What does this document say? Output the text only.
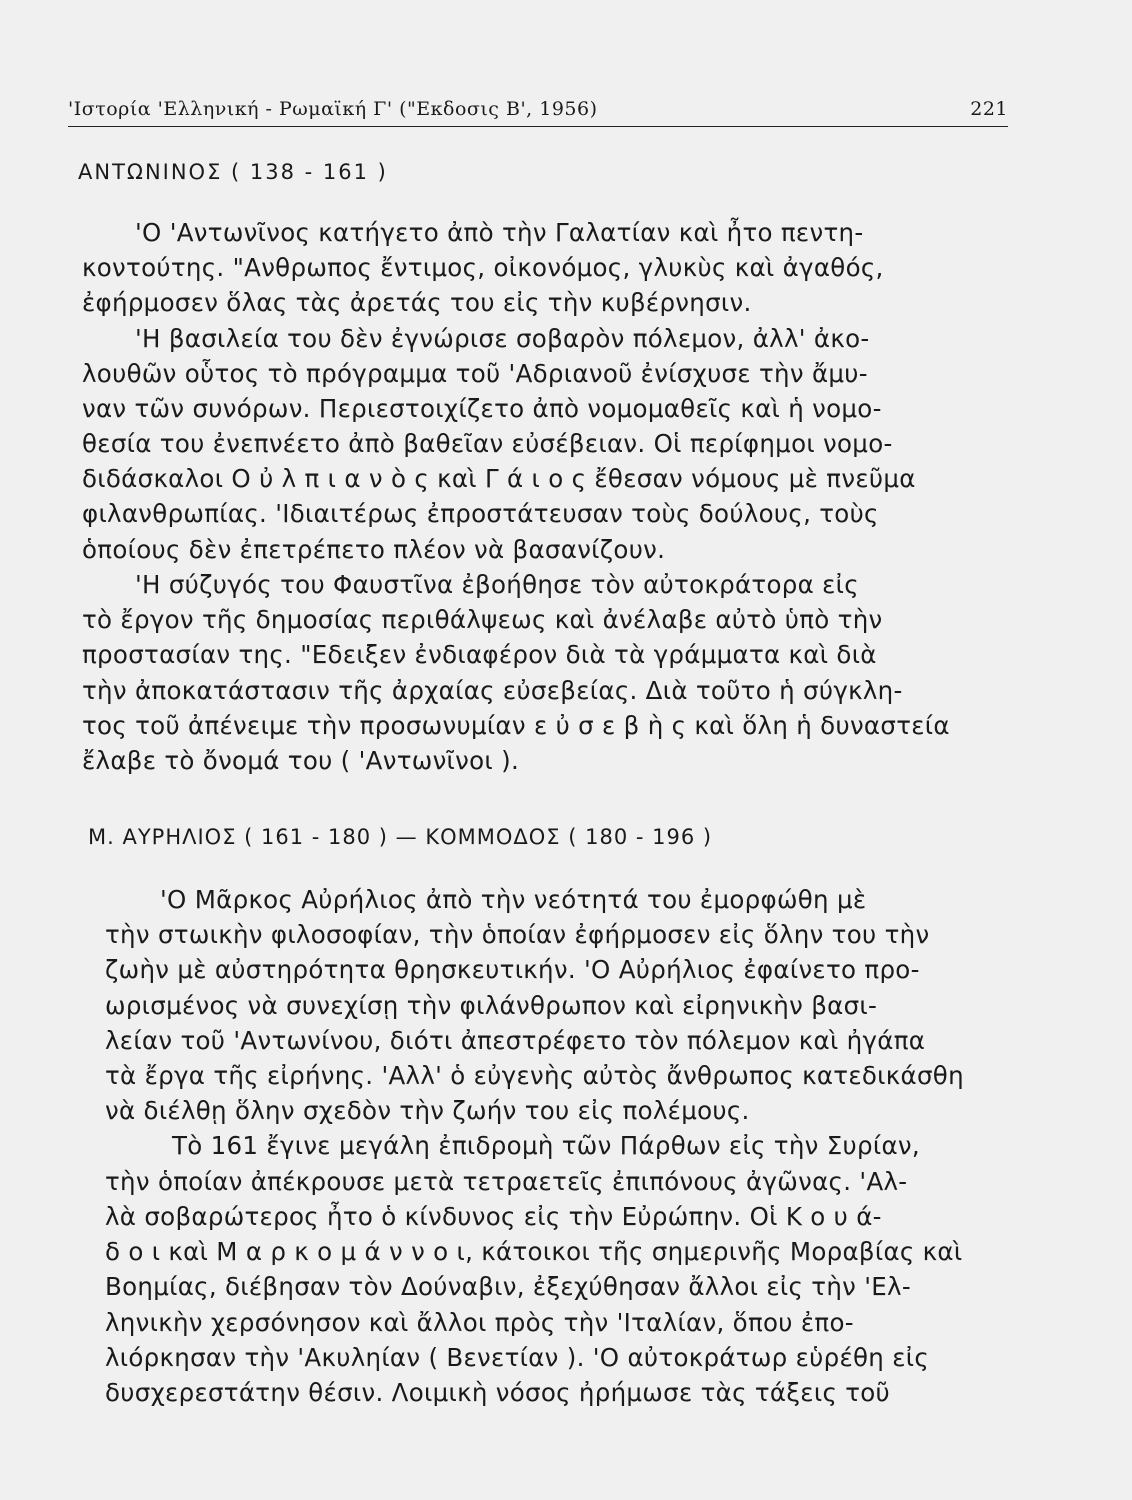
'Ιστορία 'Ελληνική - Ρωμαϊκή Γ' ("Εκδοσις Β', 1956)	221
ΑΝΤΩΝΙΝΟΣ ( 138 - 161 )
'Ο 'Αντωνῖνος κατήγετο ἀπὸ τὴν Γαλατίαν καὶ ἦτο πεντη-
κοντούτης. "Ανθρωπος ἔντιμος, οἰκονόμος, γλυκὺς καὶ ἀγαθός,
ἐφήρμοσεν ὅλας τὰς ἀρετάς του εἰς τὴν κυβέρνησιν.
'Η βασιλεία του δὲν ἐγνώρισε σοβαρὸν πόλεμον, ἀλλ' ἀκο-
λουθῶν οὗτος τὸ πρόγραμμα τοῦ 'Αδριανοῦ ἐνίσχυσε τὴν ἄμυ-
ναν τῶν συνόρων. Περιεστοιχίζετο ἀπὸ νομομαθεῖς καὶ ἡ νομο-
θεσία του ἐνεπνέετο ἀπὸ βαθεῖαν εὐσέβειαν. Οἱ περίφημοι νομο-
διδάσκαλοι Ο ὐ λ π ι α ν ὸ ς καὶ Γ ά ι ο ς ἔθεσαν νόμους μὲ πνεῦμα
φιλανθρωπίας. 'Ιδιαιτέρως ἐπροστάτευσαν τοὺς δούλους, τοὺς
ὁποίους δὲν ἐπετρέπετο πλέον νὰ βασανίζουν.
'Η σύζυγός του Φαυστῖνα ἐβοήθησε τὸν αὐτοκράτορα εἰς
τὸ ἔργον τῆς δημοσίας περιθάλψεως καὶ ἀνέλαβε αὐτὸ ὑπὸ τὴν
προστασίαν της. "Εδειξεν ἐνδιαφέρον διὰ τὰ γράμματα καὶ διὰ
τὴν ἀποκατάστασιν τῆς ἀρχαίας εὐσεβείας. Διὰ τοῦτο ἡ σύγκλη-
τος τοῦ ἀπένειμε τὴν προσωνυμίαν ε ὐ σ ε β ὴ ς καὶ ὅλη ἡ δυναστεία
ἔλαβε τὸ ὄνομά του ( 'Αντωνῖνοι ).
Μ. ΑΥΡΗΛΙΟΣ ( 161 - 180 ) — ΚΟΜΜΟΔΟΣ ( 180 - 196 )
'Ο Μᾶρκος Αὐρήλιος ἀπὸ τὴν νεότητά του ἐμορφώθη μὲ
τὴν στωικὴν φιλοσοφίαν, τὴν ὁποίαν ἐφήρμοσεν εἰς ὅλην του τὴν
ζωὴν μὲ αὐστηρότητα θρησκευτικήν. 'Ο Αὐρήλιος ἐφαίνετο προ-
ωρισμένος νὰ συνεχίσῃ τὴν φιλάνθρωπον καὶ εἰρηνικὴν βασι-
λείαν τοῦ 'Αντωνίνου, διότι ἀπεστρέφετο τὸν πόλεμον καὶ ἠγάπα
τὰ ἔργα τῆς εἰρήνης. 'Αλλ' ὁ εὐγενὴς αὐτὸς ἄνθρωπος κατεδικάσθη
νὰ διέλθῃ ὅλην σχεδὸν τὴν ζωήν του εἰς πολέμους.
Τὸ 161 ἔγινε μεγάλη ἐπιδρομὴ τῶν Πάρθων εἰς τὴν Συρίαν,
τὴν ὁποίαν ἀπέκρουσε μετὰ τετραετεῖς ἐπιπόνους ἀγῶνας. 'Αλ-
λὰ σοβαρώτερος ἦτο ὁ κίνδυνος εἰς τὴν Εὐρώπην. Οἱ Κ ο υ ά-
δ ο ι καὶ Μ α ρ κ ο μ ά ν ν ο ι, κάτοικοι τῆς σημερινῆς Μοραβίας καὶ
Βοημίας, διέβησαν τὸν Δούναβιν, ἐξεχύθησαν ἄλλοι εἰς τὴν 'Ελ-
ληνικὴν χερσόνησον καὶ ἄλλοι πρὸς τὴν 'Ιταλίαν, ὅπου ἐπο-
λιόρκησαν τὴν 'Ακυληίαν ( Βενετίαν ). 'Ο αὐτοκράτωρ εὑρέθη εἰς
δυσχερεστάτην θέσιν. Λοιμικὴ νόσος ἠρήμωσε τὰς τάξεις τοῦ
